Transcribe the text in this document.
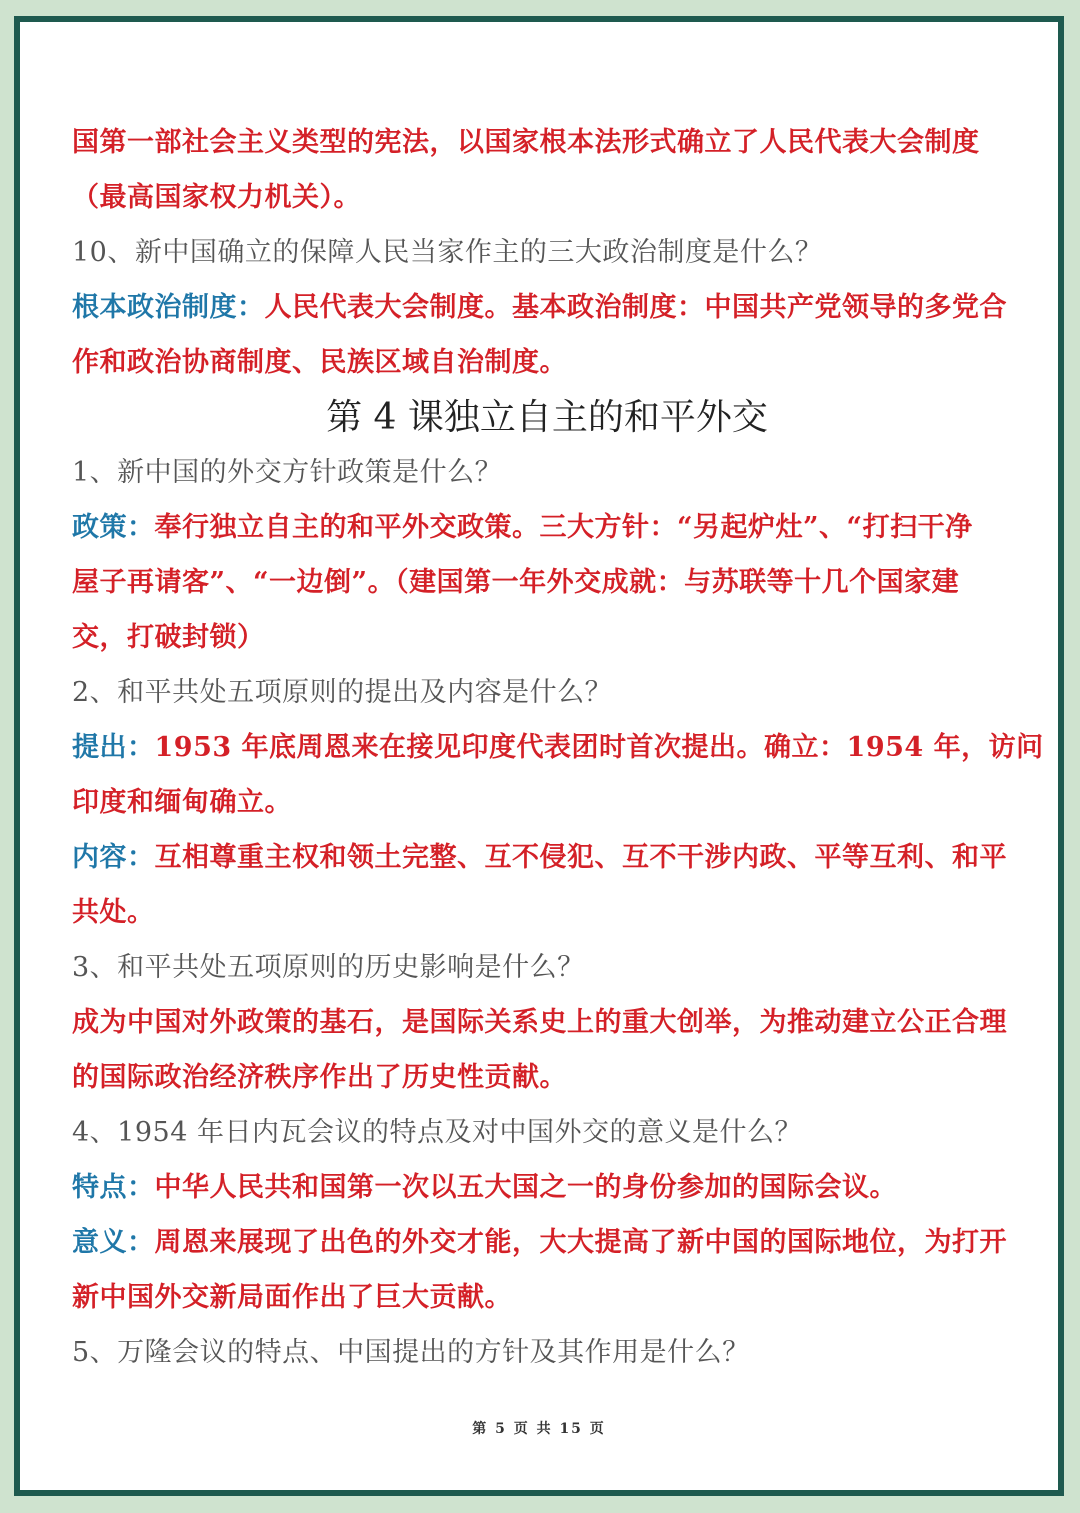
国第一部社会主义类型的宪法，以国家根本法形式确立了人民代表大会制度
（最高国家权力机关）。
10、新中国确立的保障人民当家作主的三大政治制度是什么？
根本政治制度：人民代表大会制度。基本政治制度：中国共产党领导的多党合
作和政治协商制度、民族区域自治制度。
第 4 课独立自主的和平外交
1、新中国的外交方针政策是什么？
政策：奉行独立自主的和平外交政策。三大方针：“另起炉灶”、“打扫干净
屋子再请客”、“一边倒”。（建国第一年外交成就：与苏联等十几个国家建
交，打破封锁）
2、和平共处五项原则的提出及内容是什么？
提出：1953 年底周恩来在接见印度代表团时首次提出。确立：1954 年，访问
印度和缅甸确立。
内容：互相尊重主权和领土完整、互不侵犯、互不干涉内政、平等互利、和平
共处。
3、和平共处五项原则的历史影响是什么？
成为中国对外政策的基石，是国际关系史上的重大创举，为推动建立公正合理
的国际政治经济秩序作出了历史性贡献。
4、1954 年日内瓦会议的特点及对中国外交的意义是什么？
特点：中华人民共和国第一次以五大国之一的身份参加的国际会议。
意义：周恩来展现了出色的外交才能，大大提高了新中国的国际地位，为打开
新中国外交新局面作出了巨大贡献。
5、万隆会议的特点、中国提出的方针及其作用是什么？
第 5 页 共 15 页
